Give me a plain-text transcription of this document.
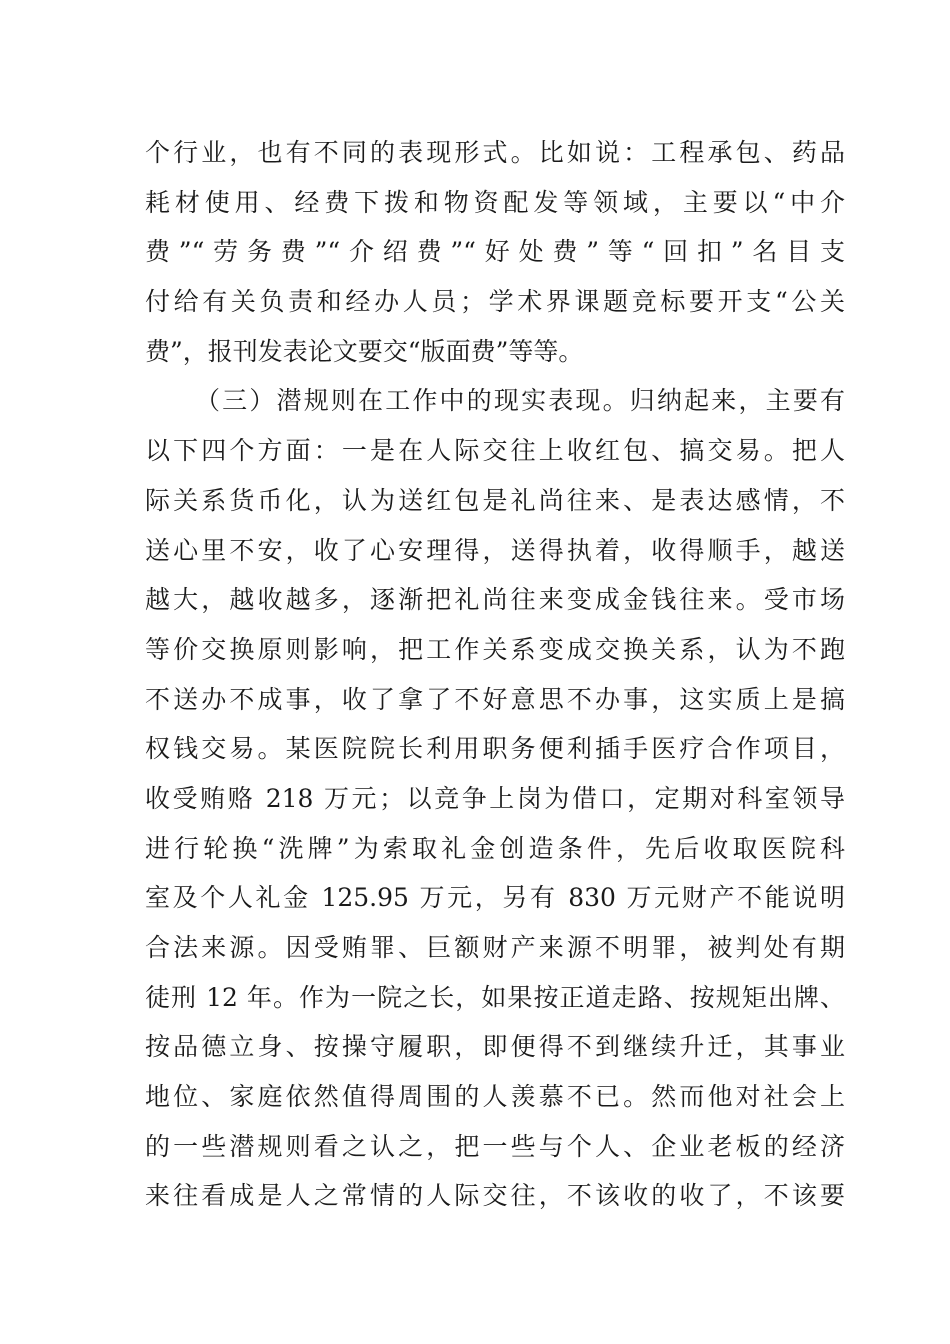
个行业，也有不同的表现形式。比如说：工程承包、药品
耗材使用、经费下拨和物资配发等领域，主要以“中介
费”“劳务费”“介绍费”“好处费”等“回扣”名目支
付给有关负责和经办人员；学术界课题竞标要开支“公关
费”，报刊发表论文要交“版面费”等等。
（三）潜规则在工作中的现实表现。归纳起来，主要有
以下四个方面：一是在人际交往上收红包、搞交易。把人
际关系货币化，认为送红包是礼尚往来、是表达感情，不
送心里不安，收了心安理得，送得执着，收得顺手，越送
越大，越收越多，逐渐把礼尚往来变成金钱往来。受市场
等价交换原则影响，把工作关系变成交换关系，认为不跑
不送办不成事，收了拿了不好意思不办事，这实质上是搞
权钱交易。某医院院长利用职务便利插手医疗合作项目，
收受贿赂 218 万元；以竞争上岗为借口，定期对科室领导
进行轮换“洗牌”为索取礼金创造条件，先后收取医院科
室及个人礼金 125.95 万元，另有 830 万元财产不能说明
合法来源。因受贿罪、巨额财产来源不明罪，被判处有期
徒刑 12 年。作为一院之长，如果按正道走路、按规矩出牌、
按品德立身、按操守履职，即便得不到继续升迁，其事业
地位、家庭依然值得周围的人羡慕不已。然而他对社会上
的一些潜规则看之认之，把一些与个人、企业老板的经济
来往看成是人之常情的人际交往，不该收的收了，不该要
